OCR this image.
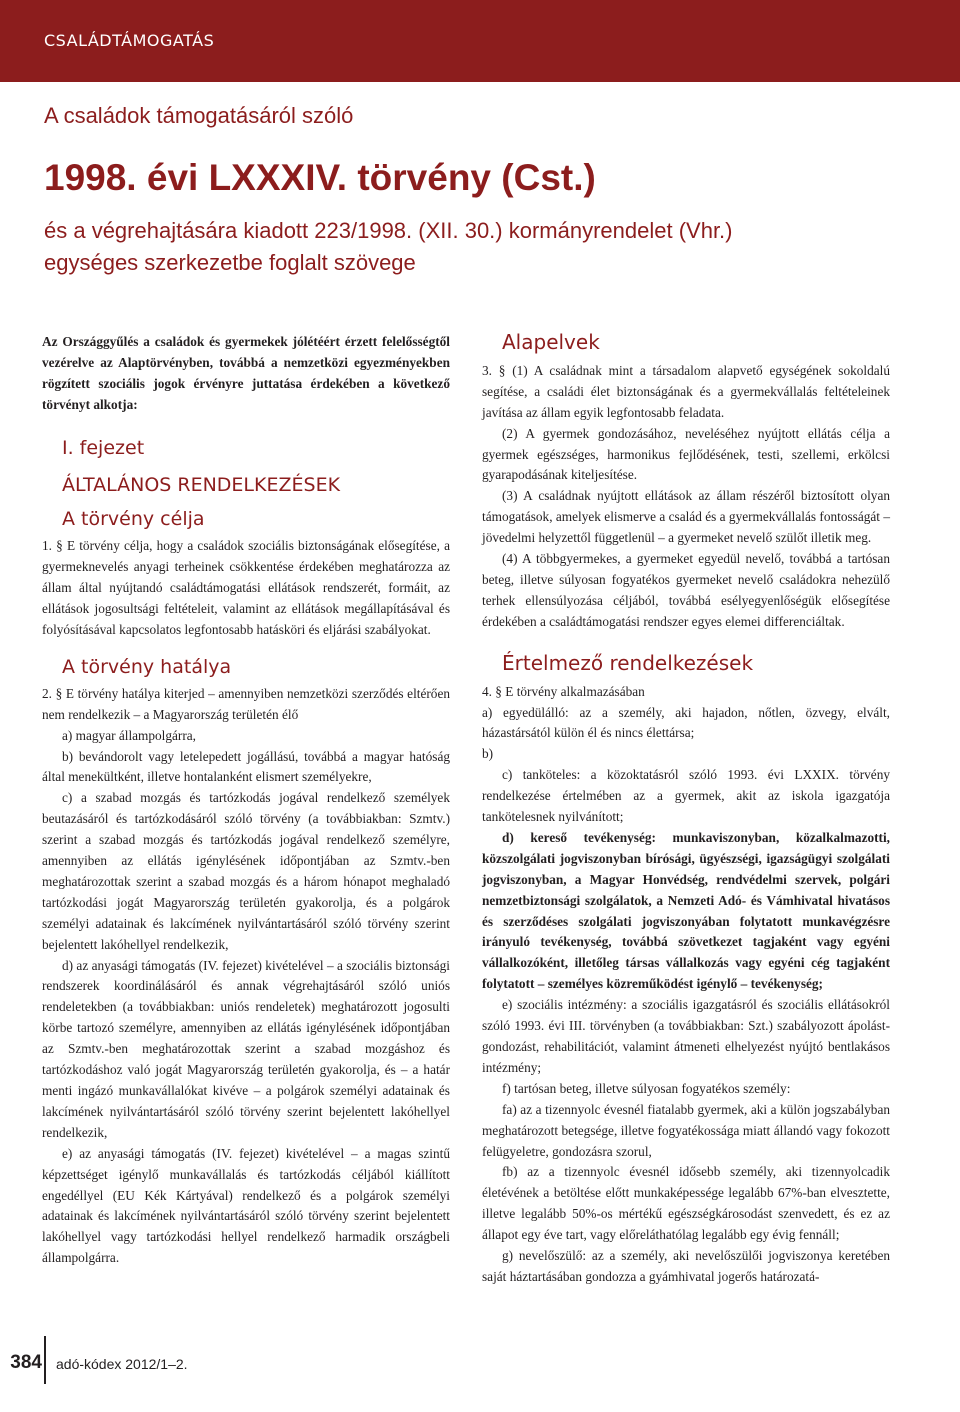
CSALÁDTÁMOGATÁS
A családok támogatásáról szóló
1998. évi LXXXIV. törvény (Cst.)
és a végrehajtására kiadott 223/1998. (XII. 30.) kormányrendelet (Vhr.)
egységes szerkezetbe foglalt szövege

Az Országgyűlés a családok és gyermekek jólétéért érzett felelősségtől vezérelve az Alaptörvényben, továbbá a nemzetközi egyezményekben rögzített szociális jogok érvényre juttatása érdekében a következő törvényt alkotja:

I. fejezet

ÁLTALÁNOS RENDELKEZÉSEK

A törvény célja

1. § E törvény célja, hogy a családok szociális biztonságának elősegítése, a gyermeknevelés anyagi terheinek csökkentése érdekében meghatározza az állam által nyújtandó családtámogatási ellátások rendszerét, formáit, az ellátások jogosultsági feltételeit, valamint az ellátások megállapításával és folyósításával kapcsolatos legfontosabb hatásköri és eljárási szabályokat.

A törvény hatálya

2. § E törvény hatálya kiterjed – amennyiben nemzetközi szerződés eltérően nem rendelkezik – a Magyarország területén élő

a) magyar állampolgárra,

b) bevándorolt vagy letelepedett jogállású, továbbá a magyar hatóság által menekültként, illetve hontalanként elismert személyekre,

c) a szabad mozgás és tartózkodás jogával rendelkező személyek beutazásáról és tartózkodásáról szóló törvény (a továbbiakban: Szmtv.) szerint a szabad mozgás és tartózkodás jogával rendelkező személyre, amennyiben az ellátás igénylésének időpontjában az Szmtv.-ben meghatározottak szerint a szabad mozgás és a három hónapot meghaladó tartózkodási jogát Magyarország területén gyakorolja, és a polgárok személyi adatainak és lakcímének nyilvántartásáról szóló törvény szerint bejelentett lakóhellyel rendelkezik,

d) az anyasági támogatás (IV. fejezet) kivételével – a szociális biztonsági rendszerek koordinálásáról és annak végrehajtásáról szóló uniós rendeletekben (a továbbiakban: uniós rendeletek) meghatározott jogosulti körbe tartozó személyre, amennyiben az ellátás igénylésének időpontjában az Szmtv.-ben meghatározottak szerint a szabad mozgáshoz és tartózkodáshoz való jogát Magyarország területén gyakorolja, és – a határ menti ingázó munkavállalókat kivéve – a polgárok személyi adatainak és lakcímének nyilvántartásáról szóló törvény szerint bejelentett lakóhellyel rendelkezik,

e) az anyasági támogatás (IV. fejezet) kivételével – a magas szintű képzettséget igénylő munkavállalás és tartózkodás céljából kiállított engedéllyel (EU Kék Kártyával) rendelkező és a polgárok személyi adatainak és lakcímének nyilvántartásáról szóló törvény szerint bejelentett lakóhellyel vagy tartózkodási hellyel rendelkező harmadik országbeli állampolgárra.

Alapelvek

3. § (1) A családnak mint a társadalom alapvető egységének sokoldalú segítése, a családi élet biztonságának és a gyermekvállalás feltételeinek javítása az állam egyik legfontosabb feladata.

(2) A gyermek gondozásához, neveléséhez nyújtott ellátás célja a gyermek egészséges, harmonikus fejlődésének, testi, szellemi, erkölcsi gyarapodásának kiteljesítése.

(3) A családnak nyújtott ellátások az állam részéről biztosított olyan támogatások, amelyek elismerve a család és a gyermekvállalás fontosságát – jövedelmi helyzettől függetlenül – a gyermeket nevelő szülőt illetik meg.

(4) A többgyermekes, a gyermeket egyedül nevelő, továbbá a tartósan beteg, illetve súlyosan fogyatékos gyermeket nevelő családokra nehezülő terhek ellensúlyozása céljából, továbbá esélyegyenlőségük elősegítése érdekében a családtámogatási rendszer egyes elemei differenciáltak.

Értelmező rendelkezések

4. § E törvény alkalmazásában

a) egyedülálló: az a személy, aki hajadon, nőtlen, özvegy, elvált, házastársától külön él és nincs élettársa;

b)

c) tanköteles: a közoktatásról szóló 1993. évi LXXIX. törvény rendelkezése értelmében az a gyermek, akit az iskola igazgatója tankötelesnek nyilvánított;

d) kereső tevékenység: munkaviszonyban, közalkalmazotti, közszolgálati jogviszonyban bírósági, ügyészségi, igazságügyi szolgálati jogviszonyban, a Magyar Honvédség, rendvédelmi szervek, polgári nemzetbiztonsági szolgálatok, a Nemzeti Adó- és Vámhivatal hivatásos és szerződéses szolgálati jogviszonyában folytatott munkavégzésre irányuló tevékenység, továbbá szövetkezet tagjaként vagy egyéni vállalkozóként, illetőleg társas vállalkozás vagy egyéni cég tagjaként folytatott – személyes közreműködést igénylő – tevékenység;

e) szociális intézmény: a szociális igazgatásról és szociális ellátásokról szóló 1993. évi III. törvényben (a továbbiakban: Szt.) szabályozott ápolást-gondozást, rehabilitációt, valamint átmeneti elhelyezést nyújtó bentlakásos intézmény;

f) tartósan beteg, illetve súlyosan fogyatékos személy:

fa) az a tizennyolc évesnél fiatalabb gyermek, aki a külön jogszabályban meghatározott betegsége, illetve fogyatékossága miatt állandó vagy fokozott felügyeletre, gondozásra szorul,

fb) az a tizennyolc évesnél idősebb személy, aki tizennyolcadik életévének a betöltése előtt munkaképessége legalább 67%-ban elvesztette, illetve legalább 50%-os mértékű egészségkárosodást szenvedett, és ez az állapot egy éve tart, vagy előreláthatólag legalább egy évig fennáll;

g) nevelőszülő: az a személy, aki nevelőszülői jogviszonya keretében saját háztartásában gondozza a gyámhivatal jogerős határozatá-

384 adó-kódex 2012/1–2.
